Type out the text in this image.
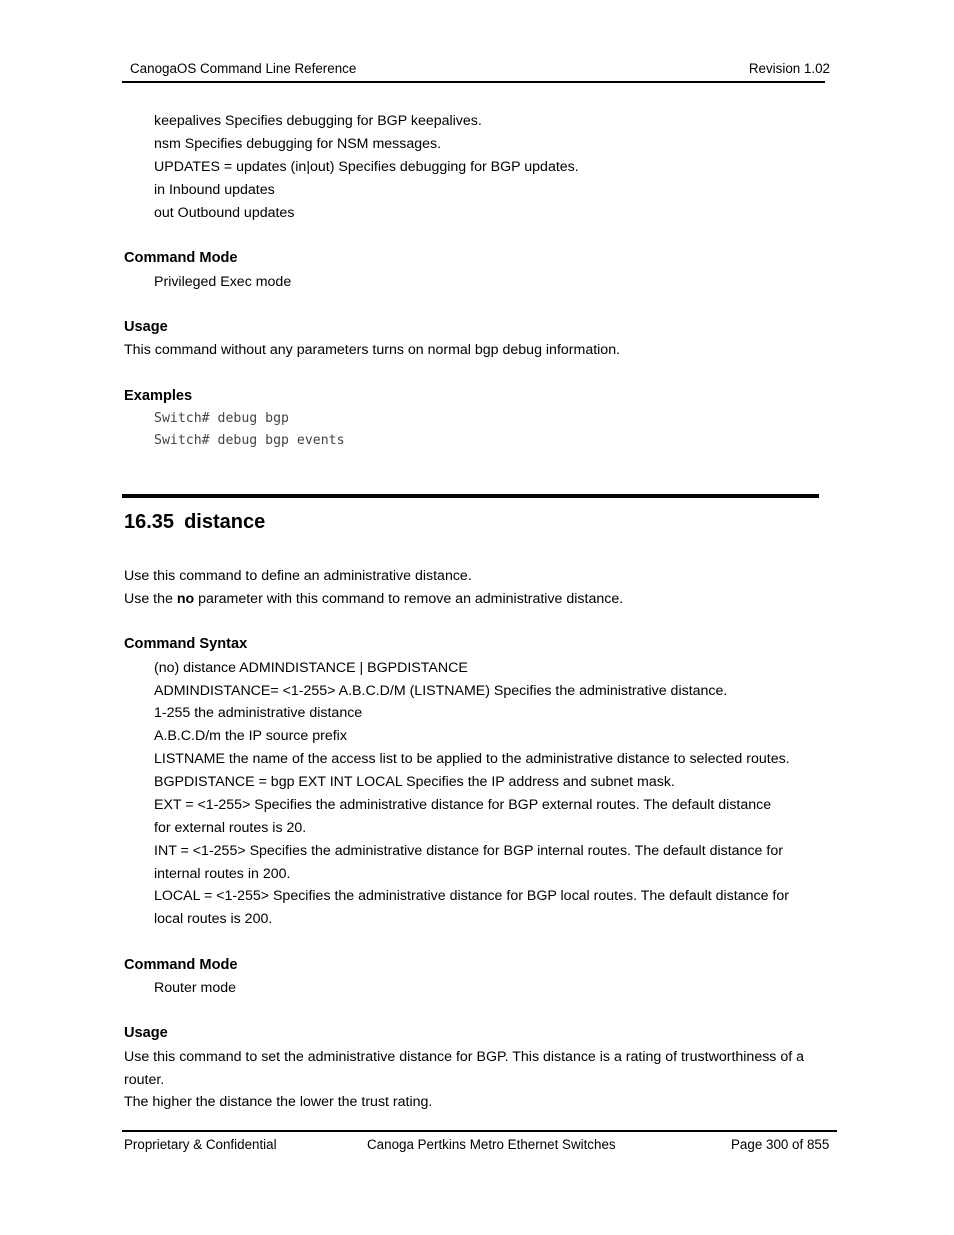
CanogaOS Command Line Reference	Revision 1.02
keepalives Specifies debugging for BGP keepalives.
nsm Specifies debugging for NSM messages.
UPDATES = updates (in|out) Specifies debugging for BGP updates.
in Inbound updates
out Outbound updates
Command Mode
Privileged Exec mode
Usage
This command without any parameters turns on normal bgp debug information.
Examples
Switch# debug bgp
Switch# debug bgp events
16.35 distance
Use this command to define an administrative distance.
Use the no parameter with this command to remove an administrative distance.
Command Syntax
(no) distance ADMINDISTANCE | BGPDISTANCE
ADMINDISTANCE= <1-255> A.B.C.D/M (LISTNAME) Specifies the administrative distance.
1-255 the administrative distance
A.B.C.D/m the IP source prefix
LISTNAME the name of the access list to be applied to the administrative distance to selected routes.
BGPDISTANCE = bgp EXT INT LOCAL Specifies the IP address and subnet mask.
EXT = <1-255> Specifies the administrative distance for BGP external routes. The default distance
for external routes is 20.
INT = <1-255> Specifies the administrative distance for BGP internal routes. The default distance for
internal routes in 200.
LOCAL = <1-255> Specifies the administrative distance for BGP local routes. The default distance for
local routes is 200.
Command Mode
Router mode
Usage
Use this command to set the administrative distance for BGP. This distance is a rating of trustworthiness of a
router.
The higher the distance the lower the trust rating.
Proprietary & Confidential	Canoga Pertkins Metro Ethernet Switches	Page 300 of 855
